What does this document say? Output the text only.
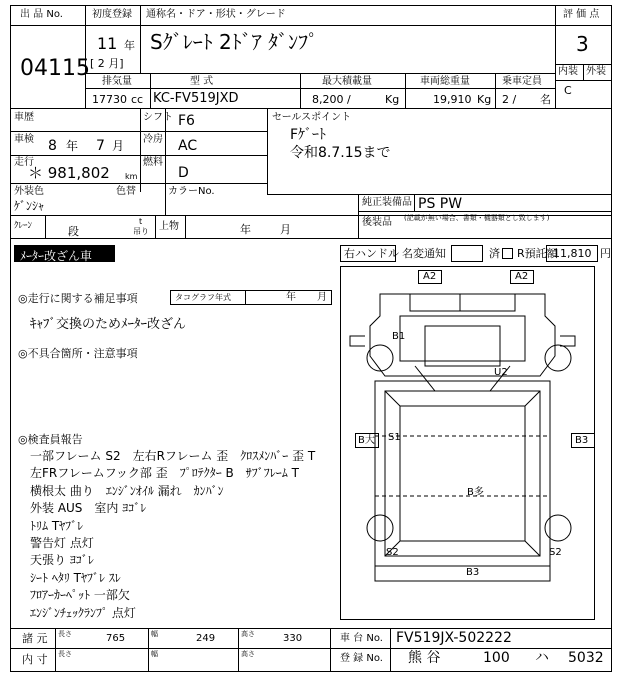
出 品 No.
04115
初度登録 通称名・ドア・形状・グレード
11 年
[ 2 月]
Sｸﾞﾚｰﾄ 2ﾄﾞｱ ﾀﾞﾝﾌﾟ
評 価 点
3
内装 外装
C
排気量	型 式	最大積載量	車両総重量	乗車定員
17730 cc KC-FV519JXD	8,200 /	Kg	19,910 Kg 2 / 名
車歴	シフト F6
車検 8 年 7 月 冷房 AC
走行
＊ 981,802 km
燃料
D
外装色	色替	カラーNo.
ｹﾞﾝｼｬ
セールスポイント
Fｹﾞｰﾄ
令和8.7.15まで
純正装備品 PS PW
後装品 (記載が無い場合、書類・機器類とし致します)
ｸﾚｰﾝ	段
t
吊り 上物	年	月
ﾒｰﾀｰ改ざん車	右ハンドル 名変通知	済 R預託額
11,810 円
◎走行に関する補足事項	タコグラフ年式	年 月
ｷｬﾌﾞ交換のためﾒｰﾀｰ改ざん
◎不具合箇所・注意事項
◎検査員報告
一部フレーム S2　左右Rフレーム 歪　ｸﾛｽﾒﾝﾊﾞｰ 歪 T
左FRフレームフック部 歪　ﾌﾟﾛﾃｸﾀｰ B　ｻﾌﾞﾌﾚｰﾑ T
横根太 曲り　ｴﾝｼﾞﾝｵｲﾙ 漏れ　ｶﾝﾊﾞﾝ
外装 AUS　室内 ﾖｺﾞﾚ
ﾄﾘﾑ Tﾔﾌﾞﾚ
警告灯 点灯
天張り ﾖｺﾞﾚ
ｼｰﾄ ﾍﾀﾘ Tﾔﾌﾞﾚ ｽﾚ
ﾌﾛｱｰｶｰﾍﾟｯﾄ 一部欠
ｴﾝｼﾞﾝﾁｪｯｸﾗﾝﾌﾟ 点灯
A2	A2
B1
U2
S1
B大	B3
B多
S2	S2
B3
諸 元 長さ	765	幅	249	高さ	330
内 寸 長さ	幅	高さ
車 台 No. FV519JX-502222
登 録 No. 熊 谷	100 ハ 5032
